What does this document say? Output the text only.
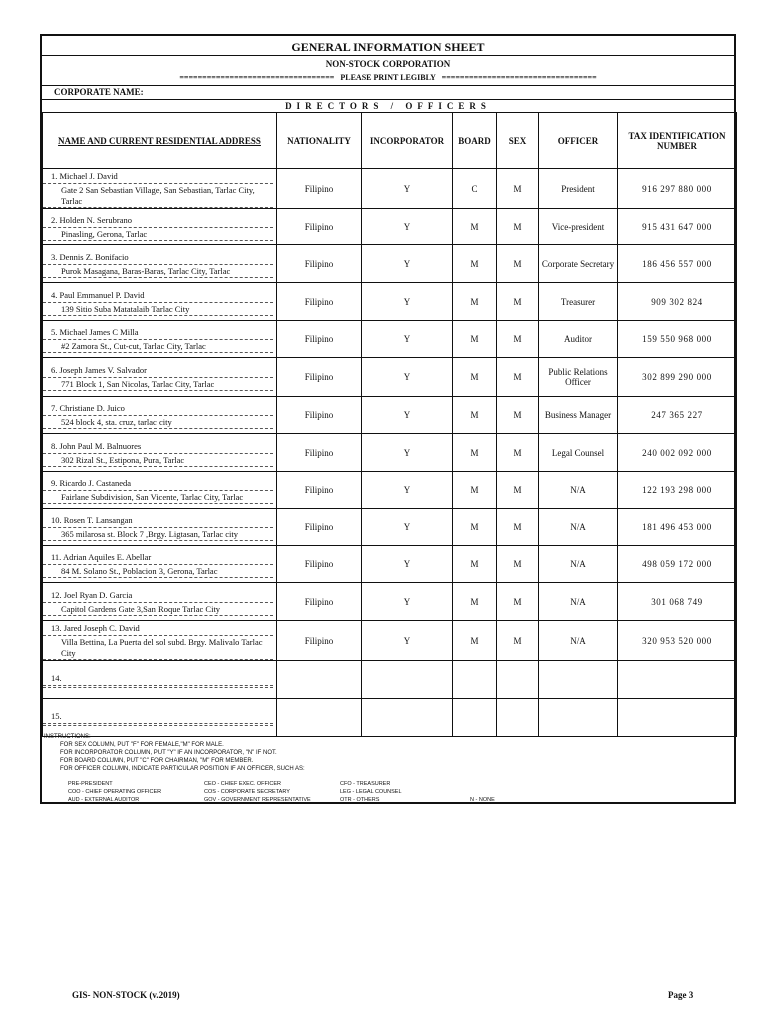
GENERAL INFORMATION SHEET
NON-STOCK CORPORATION
==================================   PLEASE PRINT LEGIBLY   ==================================
CORPORATE NAME:
DIRECTORS / OFFICERS
NAME AND CURRENT RESIDENTIAL ADDRESS	NATIONALITY	INCORPORATOR	BOARD	SEX	OFFICER	TAX IDENTIFICATION NUMBER

1. Michael J. David
Gate 2 San Sebastian Village, San Sebastian, Tarlac City, Tarlac	Filipino	Y	C	M	President	916 297 880 000

2. Holden N. Serubrano
Pinasling, Gerona, Tarlac	Filipino	Y	M	M	Vice-president	915 431 647 000

3. Dennis Z. Bonifacio
Purok Masagana, Baras-Baras, Tarlac City, Tarlac	Filipino	Y	M	M	Corporate Secretary	186 456 557 000

4. Paul Emmanuel P. David
139 Sitio Suba Matatalaib Tarlac City	Filipino	Y	M	M	Treasurer	909 302 824

5. Michael James C Milla
#2 Zamora St., Cut-cut, Tarlac City, Tarlac	Filipino	Y	M	M	Auditor	159 550 968 000

6. Joseph James V. Salvador
771 Block 1, San Nicolas, Tarlac City, Tarlac	Filipino	Y	M	M	Public Relations Officer	302 899 290 000

7. Christiane D. Juico
524 block 4, sta. cruz, tarlac city	Filipino	Y	M	M	Business Manager	247 365 227

8. John Paul M. Balnuores
302 Rizal St., Estipona, Pura, Tarlac	Filipino	Y	M	M	Legal Counsel	240 002 092 000

9. Ricardo J. Castaneda
Fairlane Subdivision, San Vicente, Tarlac City, Tarlac	Filipino	Y	M	M	N/A	122 193 298 000

10. Rosen T. Lansangan
365 milarosa st. Block 7 ,Brgy. Ligtasan, Tarlac city	Filipino	Y	M	M	N/A	181 496 453 000

11. Adrian Aquiles E. Abellar
84 M. Solano St., Poblacion 3, Gerona, Tarlac	Filipino	Y	M	M	N/A	498 059 172 000

12. Joel Ryan D. Garcia
Capitol Gardens Gate 3,San Roque Tarlac City	Filipino	Y	M	M	N/A	301 068 749

13. Jared Joseph C. David
Villa Bettina, La Puerta del sol subd. Brgy. Malivalo Tarlac City	Filipino	Y	M	M	N/A	320 953 520 000

14.						

15.						

INSTRUCTIONS:
FOR SEX COLUMN, PUT "F" FOR FEMALE,"M" FOR MALE.
FOR INCORPORATOR COLUMN, PUT "Y" IF AN INCORPORATOR, "N" IF NOT.
FOR BOARD COLUMN, PUT "C" FOR CHAIRMAN, "M" FOR MEMBER.
FOR OFFICER COLUMN, INDICATE PARTICULAR POSITION IF AN OFFICER, SUCH AS:
PRE-PRESIDENT	CEO - CHIEF EXEC. OFFICER	CFO - TREASURER
COO - CHIEF OPERATING OFFICER	COS - CORPORATE SECRETARY	LEG - LEGAL COUNSEL
AUD - EXTERNAL AUDITOR	GOV - GOVERNMENT REPRESENTATIVE	OTR - OTHERS	N - NONE
GIS- NON-STOCK (v.2019)	Page 3
